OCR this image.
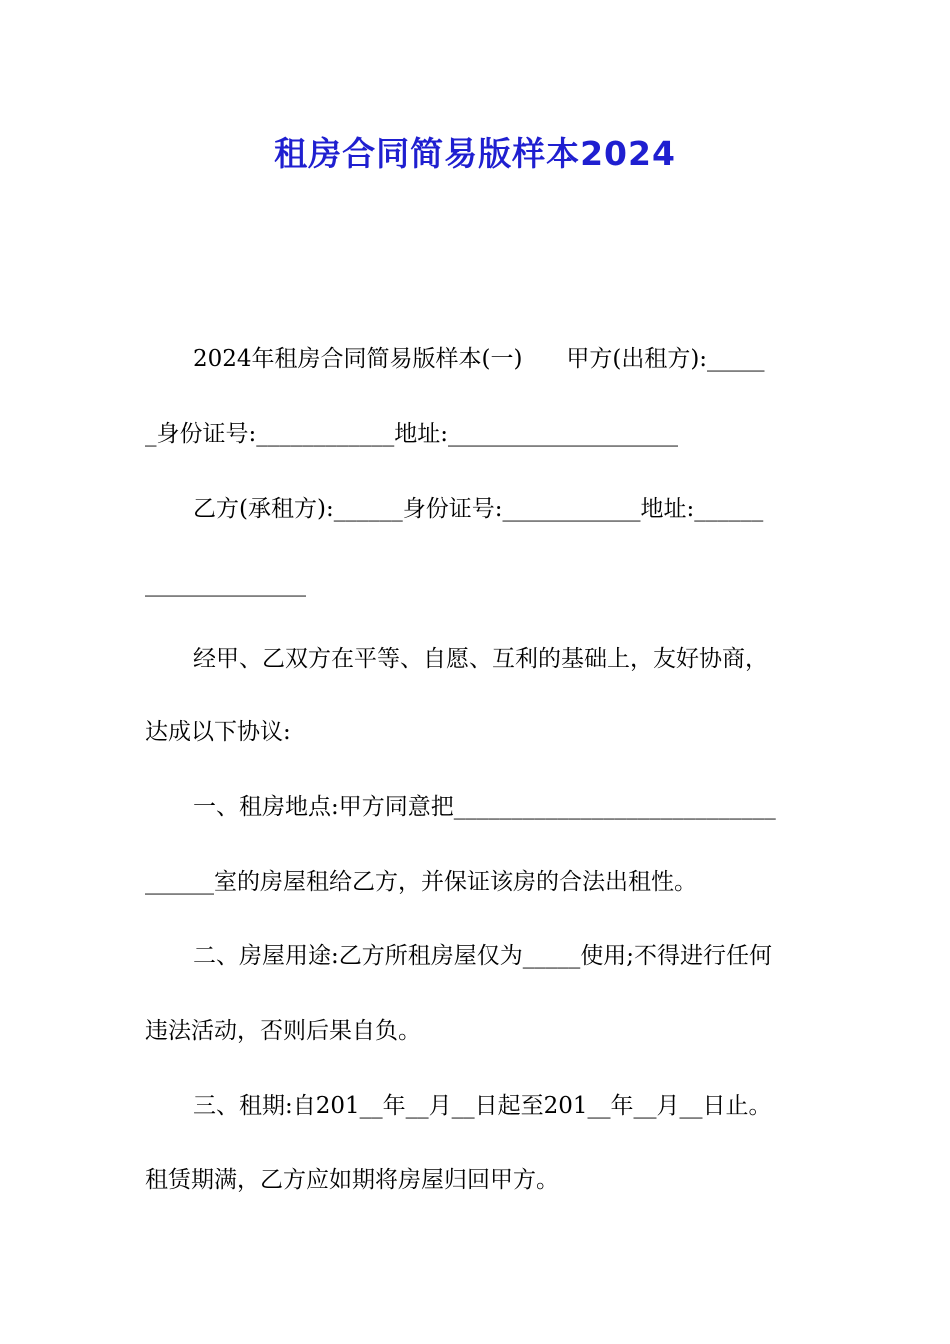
租房合同简易版样本2024
2024年租房合同简易版样本(一)      甲方(出租方):_____
_身份证号:____________地址:____________________
乙方(承租方):______身份证号:____________地址:______
______________
经甲、乙双方在平等、自愿、互利的基础上，友好协商，
达成以下协议:
一、租房地点:甲方同意把____________________________
______室的房屋租给乙方，并保证该房的合法出租性。
二、房屋用途:乙方所租房屋仅为_____使用;不得进行任何
违法活动，否则后果自负。
三、租期:自201__年__月__日起至201__年__月__日止。
租赁期满，乙方应如期将房屋归回甲方。
